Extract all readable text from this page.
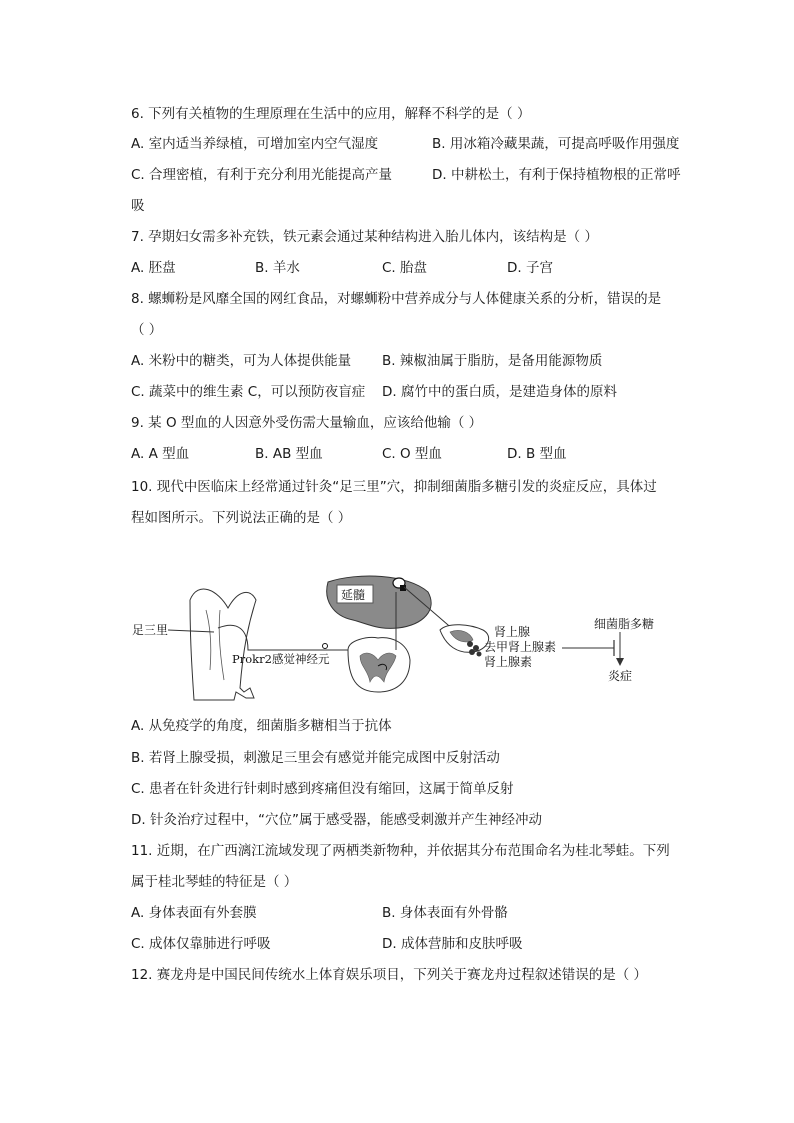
6. 下列有关植物的生理原理在生活中的应用，解释不科学的是（ ）
A. 室内适当养绿植，可增加室内空气湿度	B. 用冰箱冷藏果蔬，可提高呼吸作用强度
C. 合理密植，有利于充分利用光能提高产量	D. 中耕松土，有利于保持植物根的正常呼
吸
7. 孕期妇女需多补充铁，铁元素会通过某种结构进入胎儿体内，该结构是（ ）
A. 胚盘	B. 羊水	C. 胎盘	D. 子宫
8. 螺蛳粉是风靡全国的网红食品，对螺蛳粉中营养成分与人体健康关系的分析，错误的是
（ ）
A. 米粉中的糖类，可为人体提供能量 B. 辣椒油属于脂肪，是备用能源物质
C. 蔬菜中的维生素 C，可以预防夜盲症 D. 腐竹中的蛋白质，是建造身体的原料
9. 某 O 型血的人因意外受伤需大量输血，应该给他输（ ）
A. A 型血	B. AB 型血	C. O 型血	D. B 型血
10. 现代中医临床上经常通过针灸“足三里”穴，抑制细菌脂多糖引发的炎症反应，具体过
程如图所示。下列说法正确的是（ ）
延髓
足三里
Prokr2感觉神经元
肾上腺
去甲肾上腺素
肾上腺素
细菌脂多糖
炎症
A. 从免疫学的角度，细菌脂多糖相当于抗体
B. 若肾上腺受损，刺激足三里会有感觉并能完成图中反射活动
C. 患者在针灸进行针刺时感到疼痛但没有缩回，这属于简单反射
D. 针灸治疗过程中，“穴位”属于感受器，能感受刺激并产生神经冲动
11. 近期，在广西漓江流域发现了两栖类新物种，并依据其分布范围命名为桂北琴蛙。下列
属于桂北琴蛙的特征是（ ）
A. 身体表面有外套膜	B. 身体表面有外骨骼
C. 成体仅靠肺进行呼吸	D. 成体营肺和皮肤呼吸
12. 赛龙舟是中国民间传统水上体育娱乐项目，下列关于赛龙舟过程叙述错误的是（ ）
